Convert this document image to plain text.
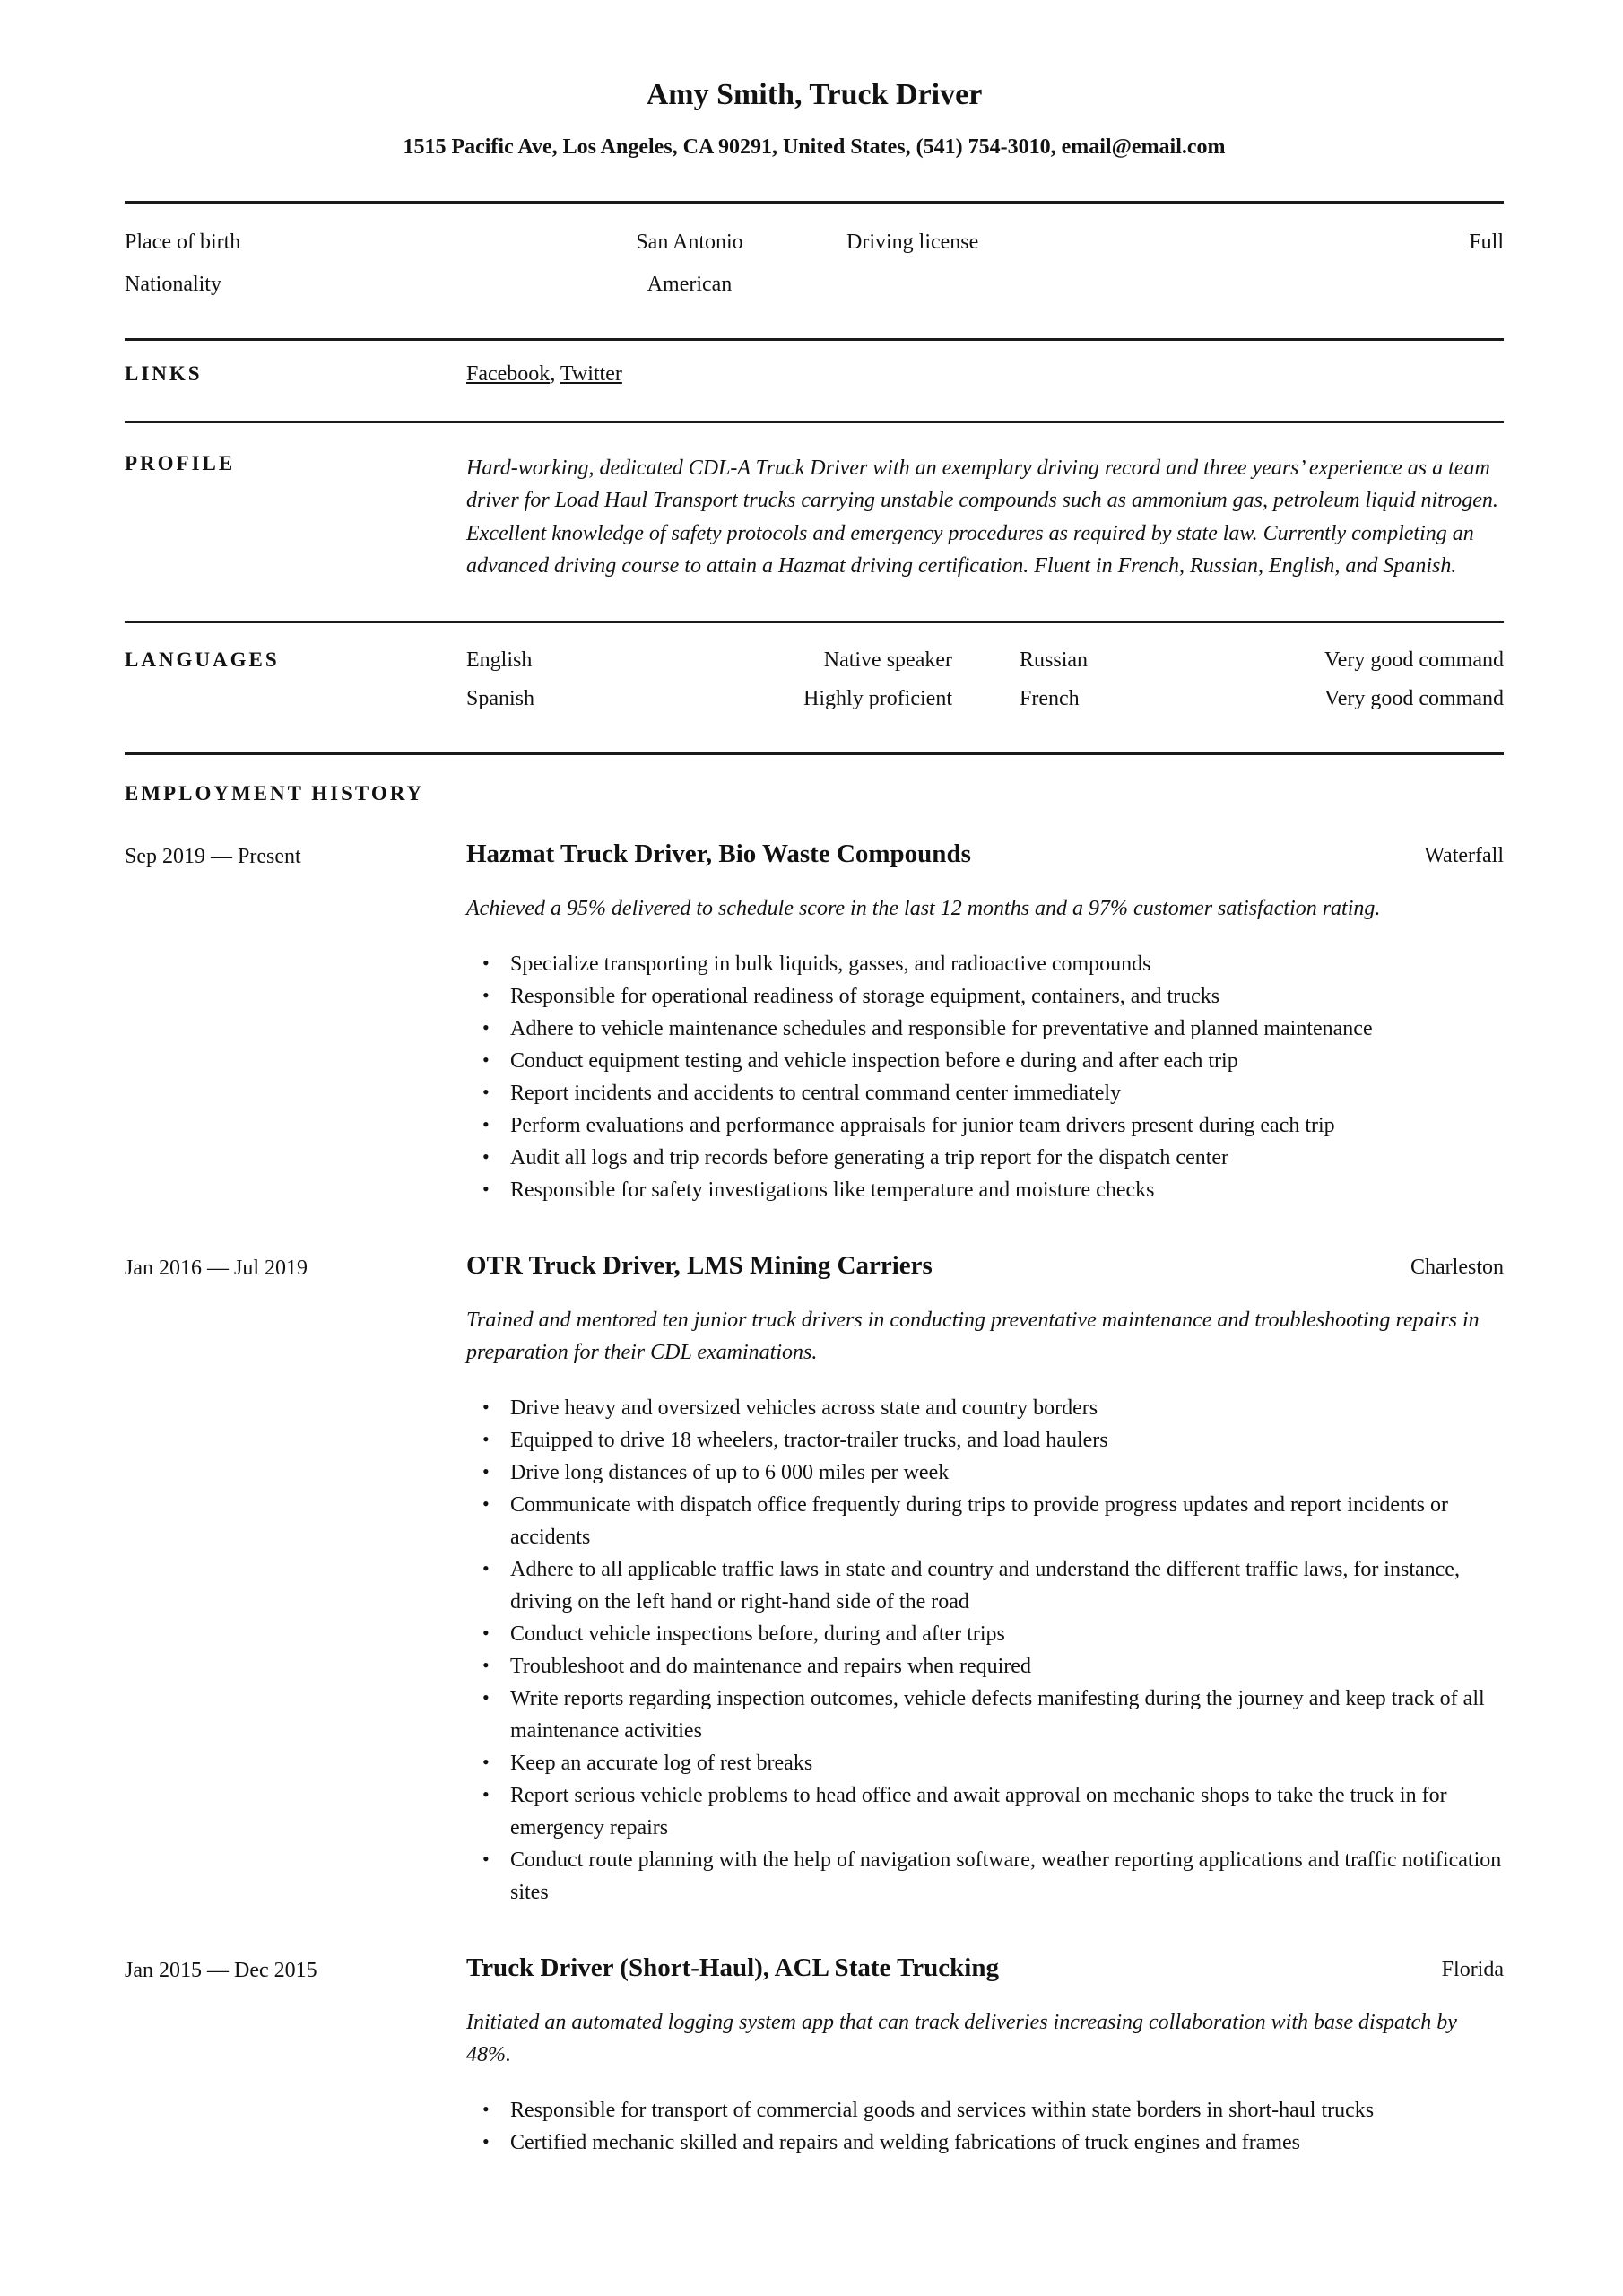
Amy Smith, Truck Driver

1515 Pacific Ave, Los Angeles, CA 90291, United States, (541) 754-3010, email@email.com

Place of birth	San Antonio	Driving license	Full
Nationality	American
LINKS	Facebook, Twitter
PROFILE	Hard-working, dedicated CDL-A Truck Driver with an exemplary driving record and three years’ experience as a team driver for Load Haul Transport trucks carrying unstable compounds such as ammonium gas, petroleum liquid nitrogen. Excellent knowledge of safety protocols and emergency procedures as required by state law. Currently completing an advanced driving course to attain a Hazmat driving certification. Fluent in French, Russian, English, and Spanish.

LANGUAGES	English	Native speaker	Russian	Very good command
Spanish	Highly proficient	French	Very good command
EMPLOYMENT HISTORY
Sep 2019 — Present	Hazmat Truck Driver, Bio Waste Compounds	Waterfall

Achieved a 95% delivered to schedule score in the last 12 months and a 97% customer satisfaction rating.

• Specialize transporting in bulk liquids, gasses, and radioactive compounds
• Responsible for operational readiness of storage equipment, containers, and trucks
• Adhere to vehicle maintenance schedules and responsible for preventative and planned maintenance
• Conduct equipment testing and vehicle inspection before e during and after each trip
• Report incidents and accidents to central command center immediately
• Perform evaluations and performance appraisals for junior team drivers present during each trip
• Audit all logs and trip records before generating a trip report for the dispatch center
• Responsible for safety investigations like temperature and moisture checks
Jan 2016 — Jul 2019	OTR Truck Driver, LMS Mining Carriers	Charleston

Trained and mentored ten junior truck drivers in conducting preventative maintenance and troubleshooting repairs in preparation for their CDL examinations.

• Drive heavy and oversized vehicles across state and country borders
• Equipped to drive 18 wheelers, tractor-trailer trucks, and load haulers
• Drive long distances of up to 6 000 miles per week
• Communicate with dispatch office frequently during trips to provide progress updates and report incidents or accidents
• Adhere to all applicable traffic laws in state and country and understand the different traffic laws, for instance, driving on the left hand or right-hand side of the road
• Conduct vehicle inspections before, during and after trips
• Troubleshoot and do maintenance and repairs when required
• Write reports regarding inspection outcomes, vehicle defects manifesting during the journey and keep track of all maintenance activities
• Keep an accurate log of rest breaks
• Report serious vehicle problems to head office and await approval on mechanic shops to take the truck in for emergency repairs
• Conduct route planning with the help of navigation software, weather reporting applications and traffic notification sites
Jan 2015 — Dec 2015	Truck Driver (Short-Haul), ACL State Trucking	Florida

Initiated an automated logging system app that can track deliveries increasing collaboration with base dispatch by 48%.

• Responsible for transport of commercial goods and services within state borders in short-haul trucks
• Certified mechanic skilled and repairs and welding fabrications of truck engines and frames
